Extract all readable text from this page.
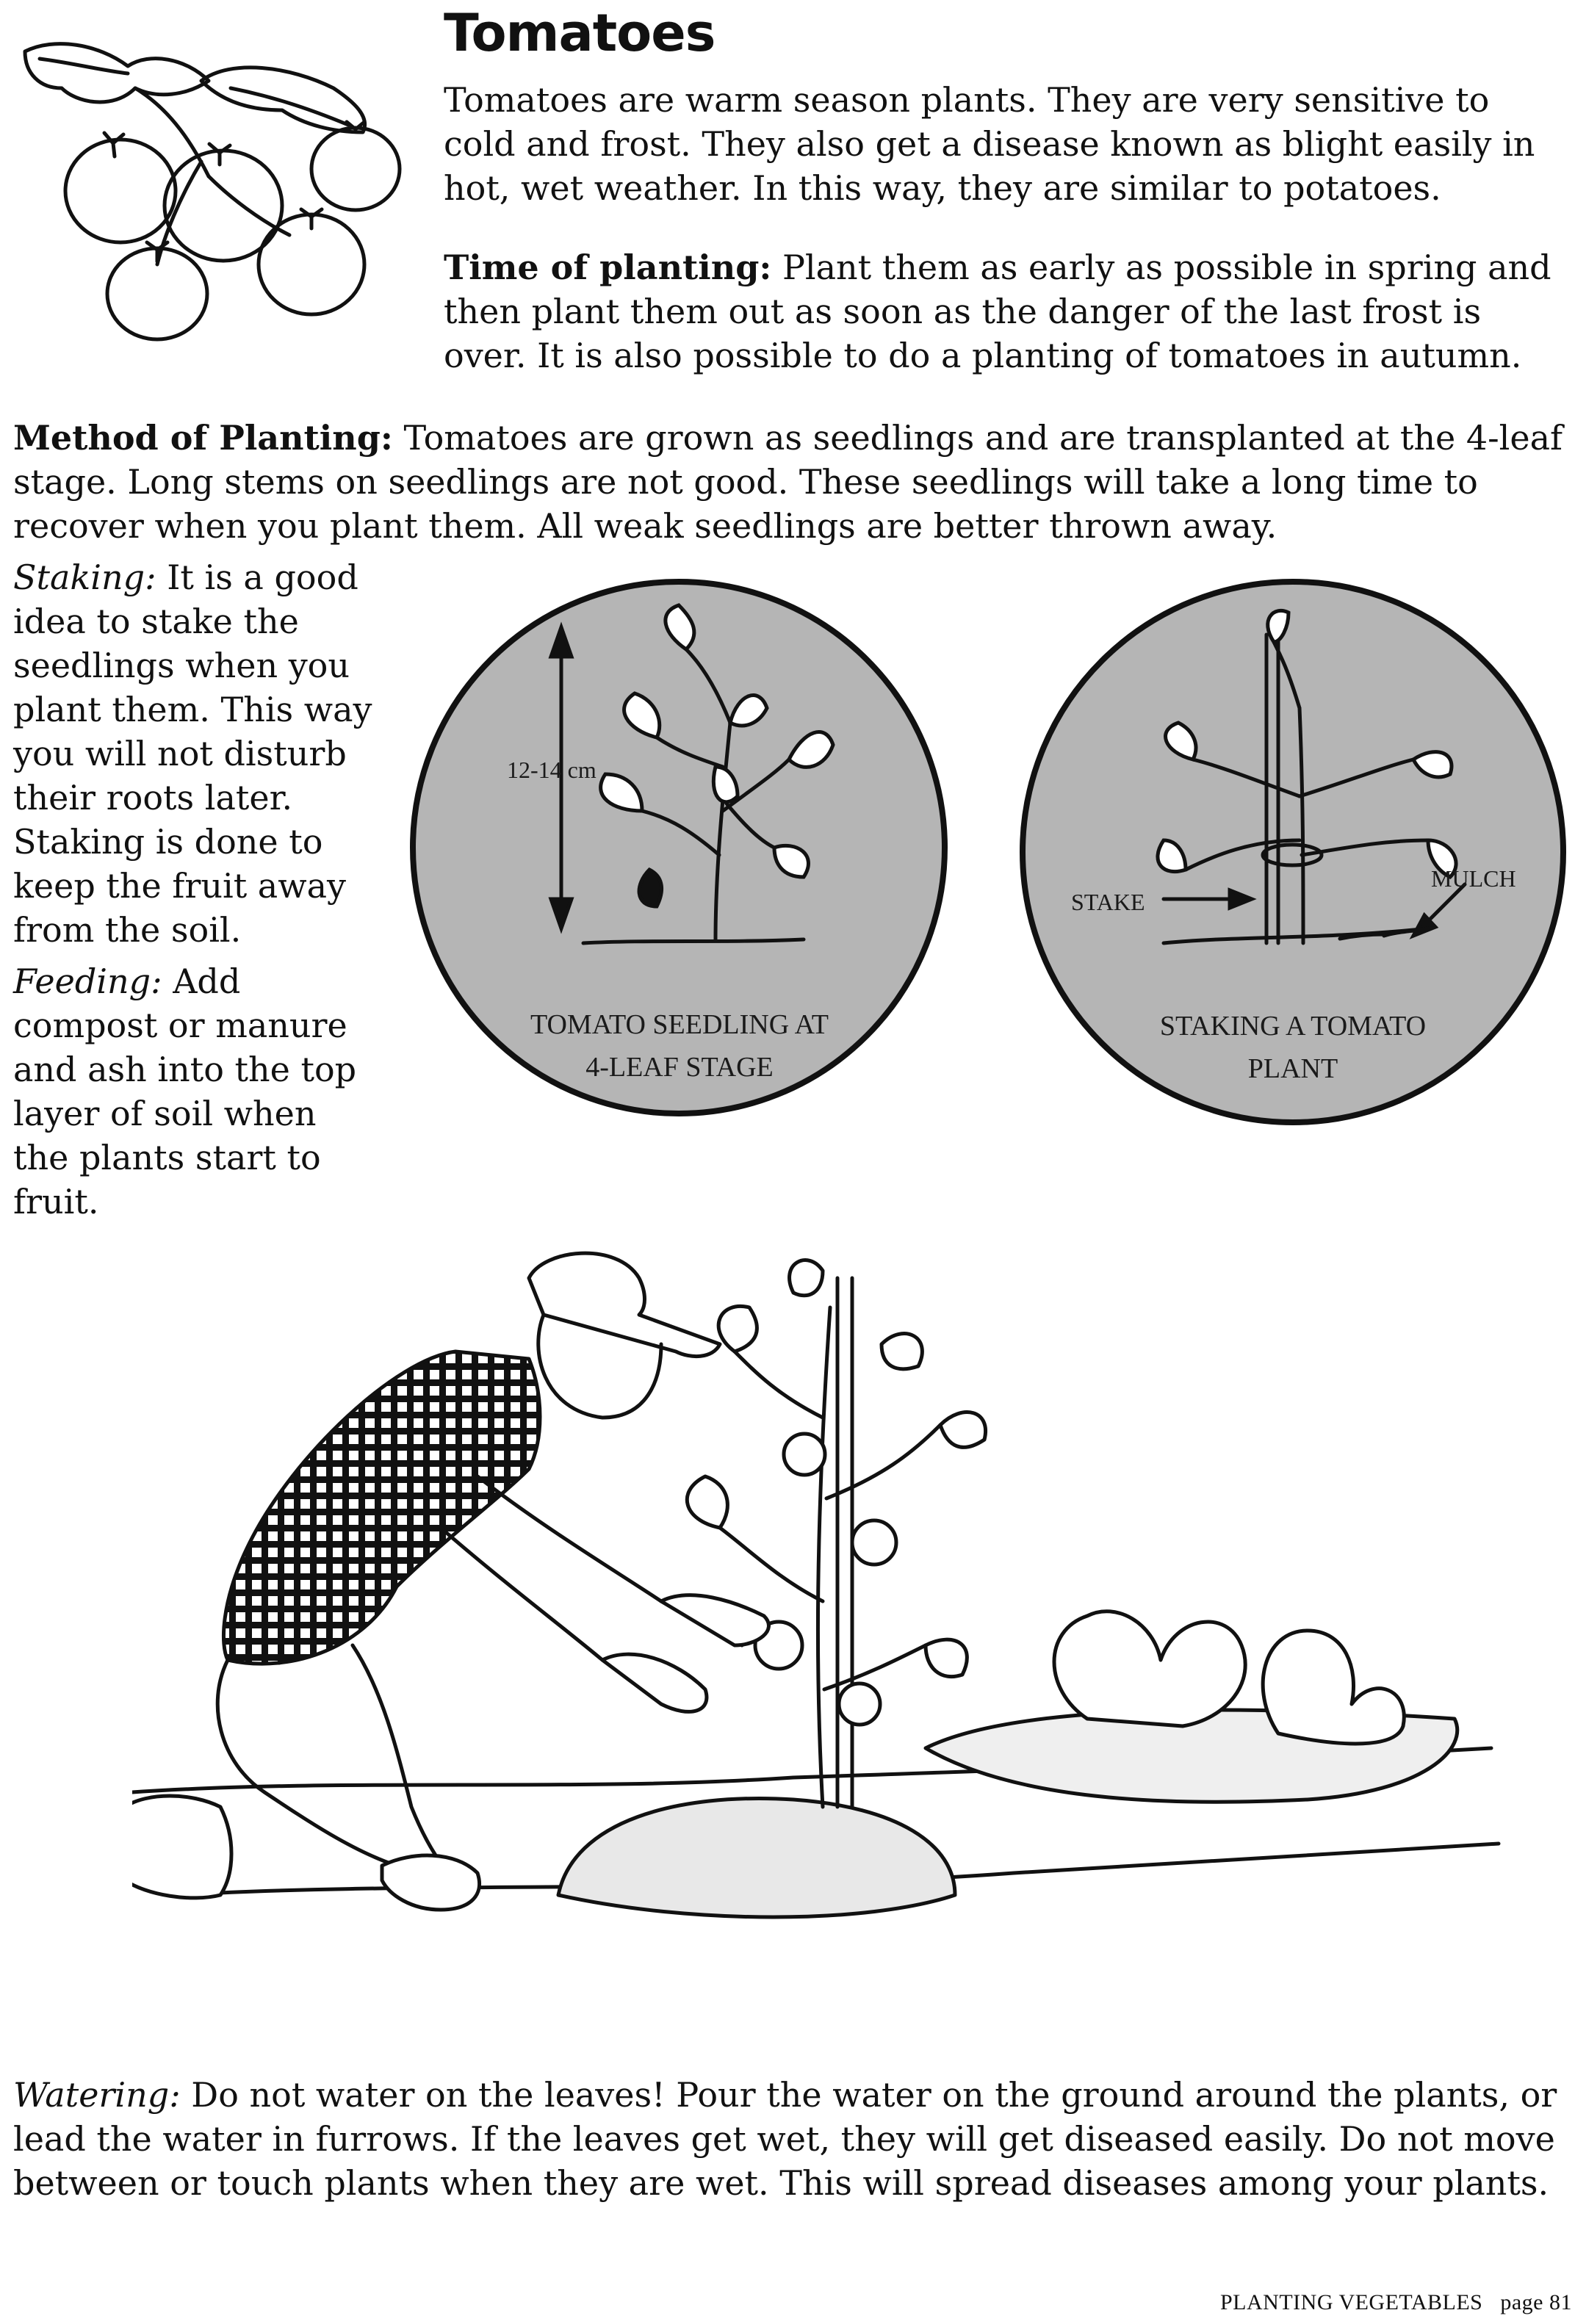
Tomatoes

Tomatoes are warm season plants. They are very sensitive to cold and frost. They also get a disease known as blight easily in hot, wet weather. In this way, they are similar to potatoes.

Time of planting: Plant them as early as possible in spring and then plant them out as soon as the danger of the last frost is over. It is also possible to do a planting of tomatoes in autumn.

Method of Planting: Tomatoes are grown as seedlings and are transplanted at the 4-leaf stage. Long stems on seedlings are not good. These seedlings will take a long time to recover when you plant them. All weak seedlings are better thrown away.

Staking: It is a good idea to stake the seedlings when you plant them. This way you will not disturb their roots later. Staking is done to keep the fruit away from the soil.

Feeding: Add compost or manure and ash into the top layer of soil when the plants start to fruit.

12-14 cm
TOMATO SEEDLING AT
4-LEAF STAGE
STAKE
MULCH
STAKING A TOMATO
PLANT

Watering: Do not water on the leaves! Pour the water on the ground around the plants, or lead the water in furrows. If the leaves get wet, they will get diseased easily. Do not move between or touch plants when they are wet. This will spread diseases among your plants.

PLANTING VEGETABLES page 81
